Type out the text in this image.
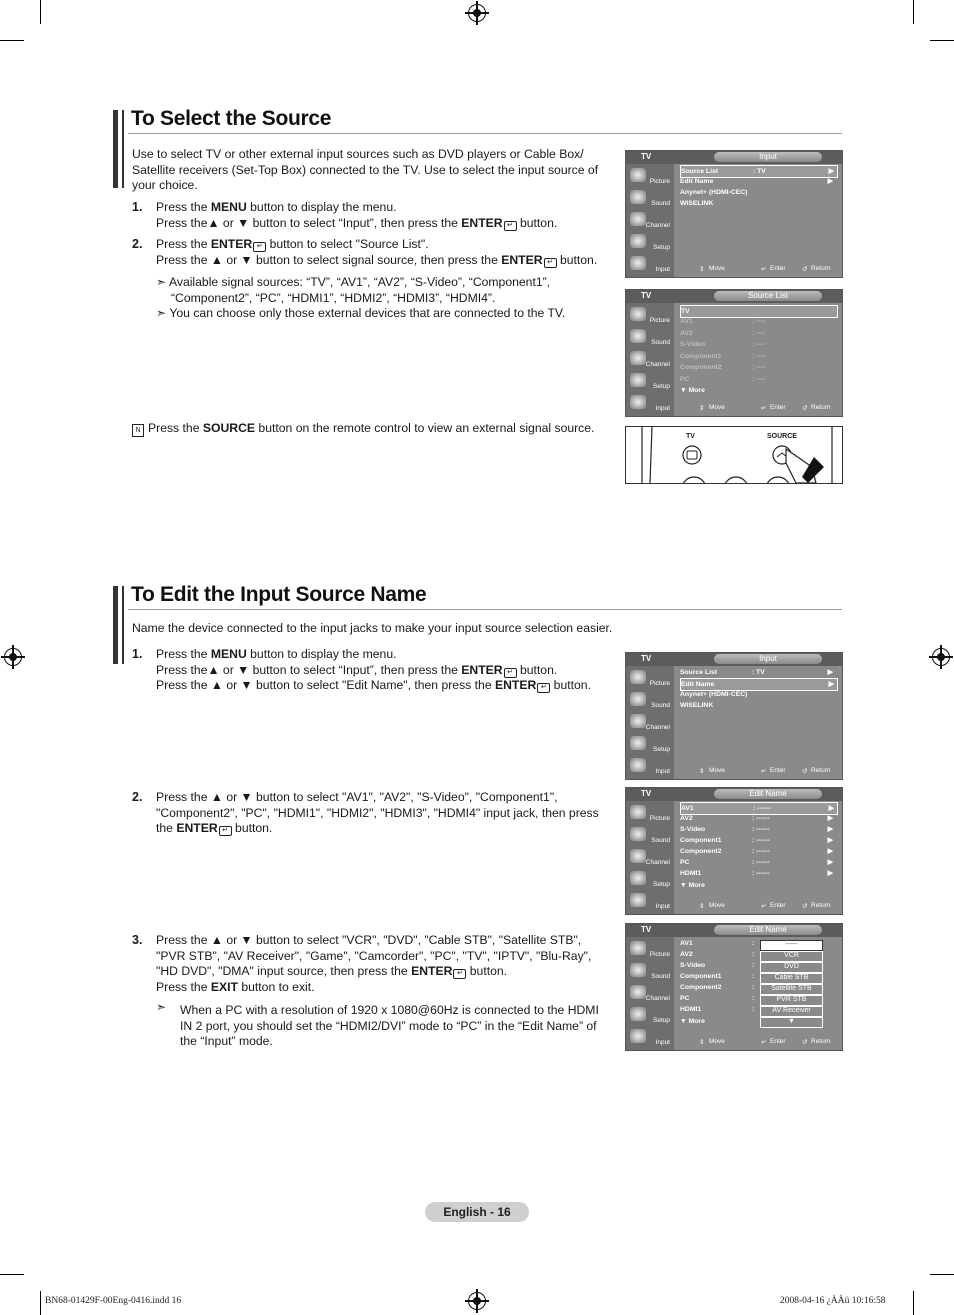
To Select the Source
Use to select TV or other external input sources such as DVD players or Cable Box/ Satellite receivers (Set-Top Box) connected to the TV. Use to select the input source of your choice.
1. Press the MENU button to display the menu.
Press the▲ or ▼ button to select “Input”, then press the ENTER ↵ button.
2. Press the ENTER ↵ button to select "Source List".
Press the ▲ or ▼ button to select signal source, then press the ENTER ↵ button.
➣ Available signal sources: “TV”, “AV1”, “AV2”, “S-Video”, “Component1”,
“Component2”, “PC”, “HDMI1”, “HDMI2”, “HDMI3”, “HDMI4”.
➣ You can choose only those external devices that are connected to the TV.
N Press the SOURCE button on the remote control to view an external signal source.
TV	Input
Picture
Sound
Channel
Setup
Input
Source List	: TV	▶
Edit Name	▶
Anynet+ (HDMI-CEC)
WISELINK
⇕ Move	↵ Enter	↺ Return
TV	Source List
Picture
Sound
Channel
Setup
Input
TV
AV1	: ----
AV2	: ----
S-Video	: ----
Component1	: ----
Component2	: ----
PC	: ----
▼ More
⇕ Move	↵ Enter	↺ Return
TV	SOURCE
To Edit the Input Source Name
Name the device connected to the input jacks to make your input source selection easier.
1. Press the MENU button to display the menu.
Press the▲ or ▼ button to select “Input”, then press the ENTER ↵ button.
Press the ▲ or ▼ button to select "Edit Name", then press the ENTER ↵ button.
2. Press the ▲ or ▼ button to select "AV1", "AV2", "S-Video", "Component1",
"Component2", "PC", "HDMI1", "HDMI2", "HDMI3", "HDMI4" input jack, then press
the ENTER ↵ button.
3. Press the ▲ or ▼ button to select "VCR", "DVD", "Cable STB", "Satellite STB",
"PVR STB", "AV Receiver", "Game", "Camcorder", "PC", "TV", "IPTV", "Blu-Ray",
"HD DVD", "DMA" input source, then press the ENTER ↵ button.
Press the EXIT button to exit.
➣ When a PC with a resolution of 1920 x 1080@60Hz is connected to the HDMI
IN 2 port, you should set the “HDMI2/DVI” mode to “PC” in the “Edit Name” of
the “Input” mode.
TV	Input
Picture
Sound
Channel
Setup
Input
Source List	: TV	▶
Edit Name	▶
Anynet+ (HDMI-CEC)
WISELINK
⇕ Move	↵ Enter	↺ Return
TV	Edit Name
Picture
Sound
Channel
Setup
Input
AV1	: ------	▶
AV2	: ------	▶
S-Video	: ------	▶
Component1	: ------	▶
Component2	: ------	▶
PC	: ------	▶
HDMI1	: ------	▶
▼ More
⇕ Move	↵ Enter	↺ Return
TV	Edit Name
Picture
Sound
Channel
Setup
Input
AV1	:
AV2	:
S-Video	:
Component1	:
Component2	:
PC	:
HDMI1	:
▼ More
-----
VCR
DVD
Cable STB
Satellite STB
PVR STB
AV Receiver
▼
⇕ Move	↵ Enter	↺ Return
English - 16
BN68-01429F-00Eng-0416.indd 16	2008-04-16 ¿ÀÀü 10:16:58
